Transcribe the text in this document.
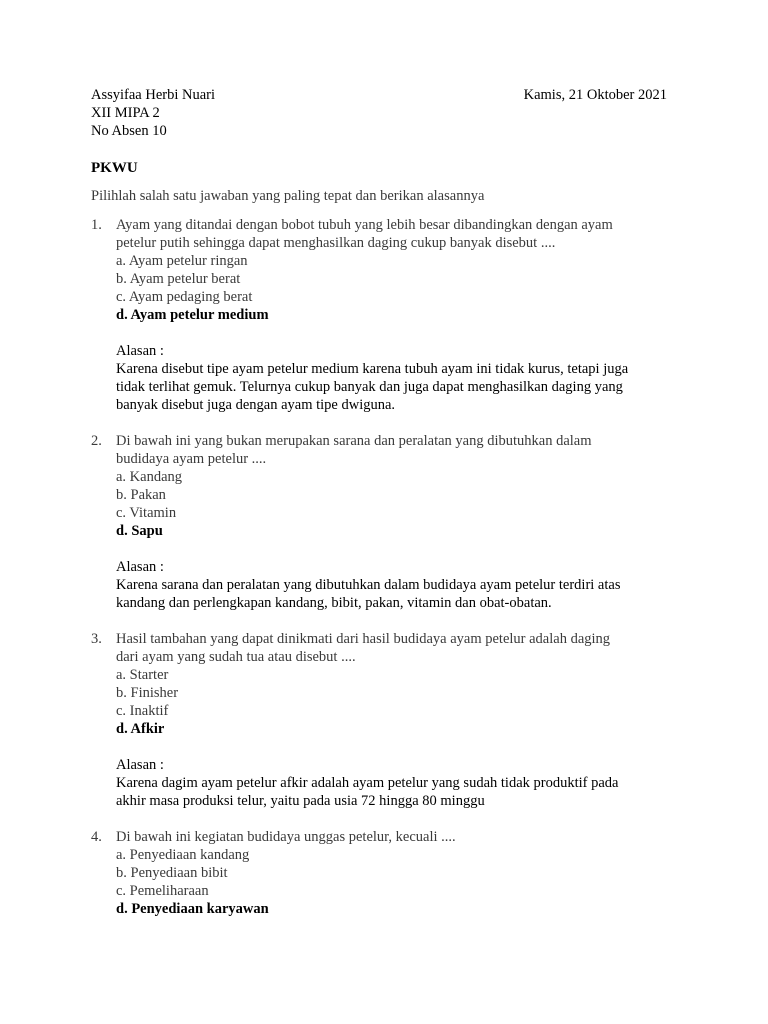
Assyifaa Herbi Nuari	Kamis, 21 Oktober 2021
XII MIPA 2
No Absen 10
PKWU
Pilihlah salah satu jawaban yang paling tepat dan berikan alasannya
1. Ayam yang ditandai dengan bobot tubuh yang lebih besar dibandingkan dengan ayam
petelur putih sehingga dapat menghasilkan daging cukup banyak disebut ....
a. Ayam petelur ringan
b. Ayam petelur berat
c. Ayam pedaging berat
d. Ayam petelur medium
Alasan :
Karena disebut tipe ayam petelur medium karena tubuh ayam ini tidak kurus, tetapi juga
tidak terlihat gemuk. Telurnya cukup banyak dan juga dapat menghasilkan daging yang
banyak disebut juga dengan ayam tipe dwiguna.
2. Di bawah ini yang bukan merupakan sarana dan peralatan yang dibutuhkan dalam
budidaya ayam petelur ....
a. Kandang
b. Pakan
c. Vitamin
d. Sapu
Alasan :
Karena sarana dan peralatan yang dibutuhkan dalam budidaya ayam petelur terdiri atas
kandang dan perlengkapan kandang, bibit, pakan, vitamin dan obat-obatan.
3. Hasil tambahan yang dapat dinikmati dari hasil budidaya ayam petelur adalah daging
dari ayam yang sudah tua atau disebut ....
a. Starter
b. Finisher
c. Inaktif
d. Afkir
Alasan :
Karena dagim ayam petelur afkir adalah ayam petelur yang sudah tidak produktif pada
akhir masa produksi telur, yaitu pada usia 72 hingga 80 minggu
4. Di bawah ini kegiatan budidaya unggas petelur, kecuali ....
a. Penyediaan kandang
b. Penyediaan bibit
c. Pemeliharaan
d. Penyediaan karyawan
